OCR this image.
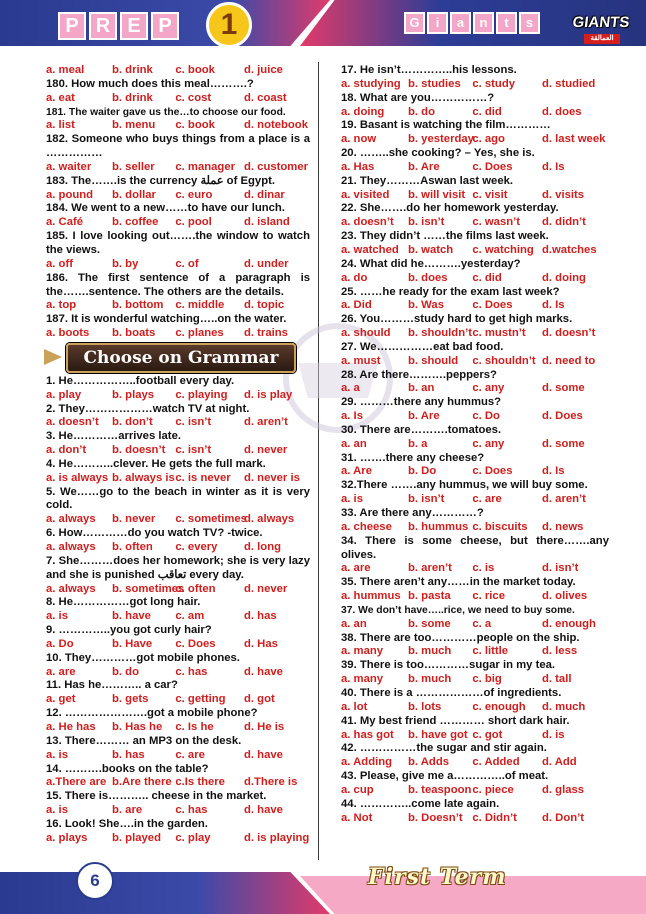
P R E P	1	G	i	a	n	t	s	GIANTS
العمالقة
a. meal	b. drink	c. book	d. juice
180. How much does this meal……….?
a. eat	b. drink	c. cost	d. coast
181. The waiter gave us the…to choose our food.
a. list	b. menu	c. book	d. notebook
182. Someone who buys things from a place is a ……………
a. waiter	b. seller	c. manager d. customer
183. The…….is the currency عملة of Egypt.
a. pound	b. dollar	c. euro	d. dinar
184. We went to a new……to have our lunch.
a. Café	b. coffee	c. pool	d. island
185. I love looking out…….the window to watch the views.
a. off	b. by	c. of	d. under
186. The first sentence of a paragraph is the…….sentence. The others are the details.
a. top	b. bottom	c. middle	d. topic
187. It is wonderful watching…..on the water.
a. boots	b. boats	c. planes	d. trains
Choose on Grammar
1. He……………..football every day.
a. play	b. plays	c. playing	d. is play
2. They………………watch TV at night.
a. doesn’t	b. don’t	c. isn’t	d. aren’t
3. He…………arrives late.
a. don’t	b. doesn’t c. isn’t	d. never
4. He………..clever. He gets the full mark.
a. is always b. always is c. is never	d. never is
5. We……go to the beach in winter as it is very cold.
a. always	b. never	c. sometimes
d. always
6. How…………do you watch TV? -twice.
a. always	b. often	c. every	d. long
7. She………does her homework; she is very lazy and she is punished تعاقب every day.
a. always	b. sometimes
c. often	d. never
8. He……………got long hair.
a. is	b. have	c. am	d. has
9. …………..you got curly hair?
a. Do	b. Have	c. Does	d. Has
10. They…………got mobile phones.
a. are	b. do	c. has	d. have
11. Has he……….. a car?
a. get	b. gets	c. getting	d. got
12. ………………….got a mobile phone?
a. He has	b. Has he	c. Is he	d. He is
13. There……… an MP3 on the desk.
a. is	b. has	c. are	d. have
14. ……….books on the table?
a.There are b.Are there c.Is there	d.There is
15. There is……….. cheese in the market.
a. is	b. are	c. has	d. have
16. Look! She….in the garden.
a. plays	b. played	c. play	d. is playing
17. He isn’t…………..his lessons.
a. studying b. studies	c. study	d. studied
18. What are you……………?
a. doing	b. do	c. did	d. does
19. Basant is watching the film…………
a. now	b. yesterday
c. ago	d. last week
20. ……..she cooking? – Yes, she is.
a. Has	b. Are	c. Does	d. Is
21. They………Aswan last week.
a. visited	b. will visit c. visit	d. visits
22. She…….do her homework yesterday.
a. doesn’t	b. isn’t	c. wasn’t	d. didn’t
23. They didn’t ……the films last week.
a. watched b. watch	c. watching d.watches
24. What did he……….yesterday?
a. do	b. does	c. did	d. doing
25. ……he ready for the exam last week?
a. Did	b. Was	c. Does	d. Is
26. You………study hard to get high marks.
a. should	b. shouldn’t c. mustn’t	d. doesn’t
27. We……………eat bad food.
a. must	b. should	c. shouldn’t d. need to
28. Are there……….peppers?
a. a	b. an	c. any	d. some
29. ………there any hummus?
a. Is	b. Are	c. Do	d. Does
30. There are……….tomatoes.
a. an	b. a	c. any	d. some
31. …….there any cheese?
a. Are	b. Do	c. Does	d. Is
32.There …….any hummus, we will buy some.
a. is	b. isn’t	c. are	d. aren’t
33. Are there any…………?
a. cheese	b. hummus c. biscuits	d. news
34. There is some cheese, but there…….any olives.
a. are	b. aren’t	c. is	d. isn’t
35. There aren’t any……in the market today.
a. hummus b. pasta	c. rice	d. olives
37. We don’t have…..rice, we need to buy some.
a. an	b. some	c. a	d. enough
38. There are too…………people on the ship.
a. many	b. much	c. little	d. less
39. There is too…………sugar in my tea.
a. many	b. much	c. big	d. tall
40. There is a ………………of ingredients.
a. lot	b. lots	c. enough	d. much
41. My best friend ………… short dark hair.
a. has got	b. have got c. got	d. is
42. ……………the sugar and stir again.
a. Adding	b. Adds	c. Added	d. Add
43. Please, give me a…………..of meat.
a. cup	b. teaspoon c. piece	d. glass
44. …………..come late again.
a. Not	b. Doesn’t c. Didn’t	d. Don’t
6	First Term
